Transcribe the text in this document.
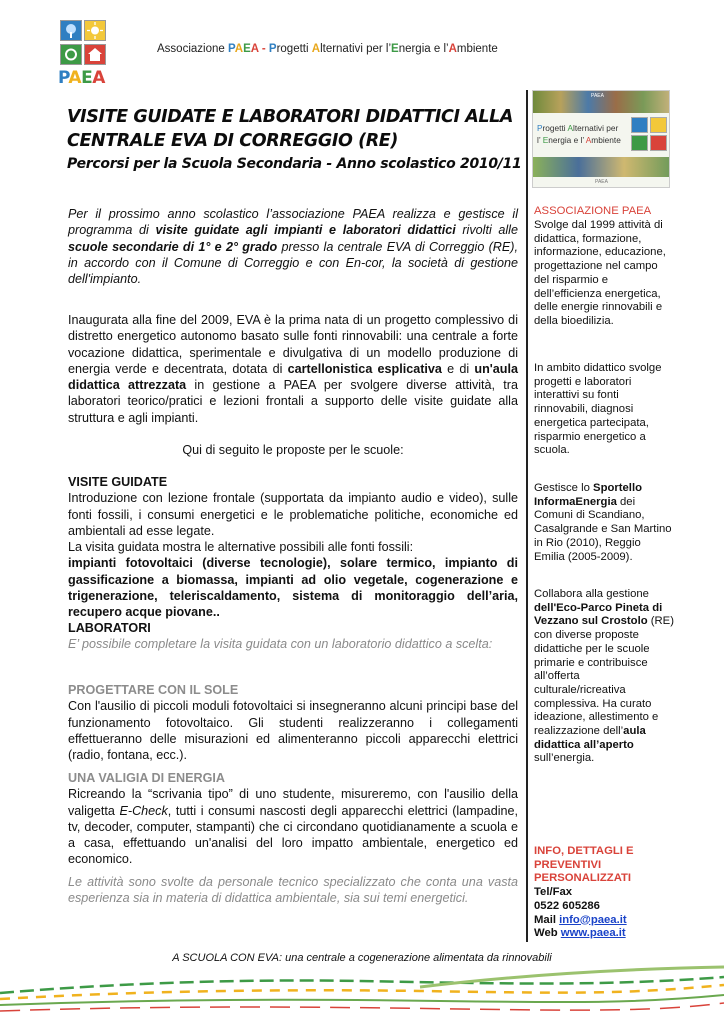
PAEA
Associazione PAEA - Progetti Alternativi per l’Energia e l’Ambiente
VISITE GUIDATE E LABORATORI DIDATTICI ALLA
CENTRALE EVA DI CORREGGIO (RE)
Percorsi per la Scuola Secondaria - Anno scolastico 2010/11
Per il prossimo anno scolastico l’associazione PAEA realizza e gestisce il programma di visite guidate agli impianti e laboratori didattici rivolti alle scuole secondarie di 1° e 2° grado presso la centrale EVA di Correggio (RE), in accordo con il Comune di Correggio e con En-cor, la società di gestione dell'impianto.
Inaugurata alla fine del 2009, EVA è la prima nata di un progetto complessivo di distretto energetico autonomo basato sulle fonti rinnovabili: una centrale a forte vocazione didattica, sperimentale e divulgativa di un modello produzione di energia verde e decentrata, dotata di cartellonistica esplicativa e di un'aula didattica attrezzata in gestione a PAEA per svolgere diverse attività, tra laboratori teorico/pratici e lezioni frontali a supporto delle visite guidate alla struttura e agli impianti.
Qui di seguito le proposte per le scuole:
VISITE GUIDATE
Introduzione con lezione frontale (supportata da impianto audio e video), sulle fonti fossili, i consumi energetici e le problematiche politiche, economiche ed ambientali ad esse legate.
La visita guidata mostra le alternative possibili alle fonti fossili:
impianti fotovoltaici (diverse tecnologie), solare termico, impianto di gassificazione a biomassa, impianti ad olio vegetale, cogenerazione e trigenerazione, teleriscaldamento, sistema di monitoraggio dell’aria, recupero acque piovane..
LABORATORI
E’ possibile completare la visita guidata con un laboratorio didattico a scelta:
PROGETTARE CON IL SOLE
Con l'ausilio di piccoli moduli fotovoltaici si insegneranno alcuni principi base del funzionamento fotovoltaico. Gli studenti realizzeranno i collegamenti effettueranno delle misurazioni ed alimenteranno piccoli apparecchi elettrici (radio, fontana, ecc.).
UNA VALIGIA DI ENERGIA
Ricreando la “scrivania tipo” di uno studente, misureremo, con l'ausilio della valigetta E-Check, tutti i consumi nascosti degli apparecchi elettrici (lampadine, tv, decoder, computer, stampanti) che ci circondano quotidianamente a scuola e a casa, effettuando un'analisi del loro impatto ambientale, energetico ed economico.
Le attività sono svolte da personale tecnico specializzato che conta una vasta esperienza sia in materia di didattica ambientale, sia sui temi energetici.
PAEA
Progetti Alternativi per
l’ Energia e l’ Ambiente
PAEA
ASSOCIAZIONE PAEA
Svolge dal 1999 attività di didattica, formazione, informazione, educazione, progettazione nel campo del risparmio e dell’efficienza energetica, delle energie rinnovabili e della bioedilizia.
In ambito didattico svolge progetti e laboratori interattivi su fonti rinnovabili, diagnosi energetica partecipata, risparmio energetico a scuola.
Gestisce lo Sportello InformaEnergia dei Comuni di Scandiano, Casalgrande e San Martino in Rio (2010), Reggio Emilia (2005-2009).
Collabora alla gestione dell'Eco-Parco Pineta di Vezzano sul Crostolo (RE) con diverse proposte didattiche per le scuole primarie e contribuisce all’offerta culturale/ricreativa complessiva. Ha curato ideazione, allestimento e realizzazione dell’aula didattica all’aperto sull’energia.
INFO, DETTAGLI E PREVENTIVI PERSONALIZZATI
Tel/Fax
0522 605286
Mail info@paea.it
Web www.paea.it
A SCUOLA CON EVA: una centrale a cogenerazione alimentata da rinnovabili
